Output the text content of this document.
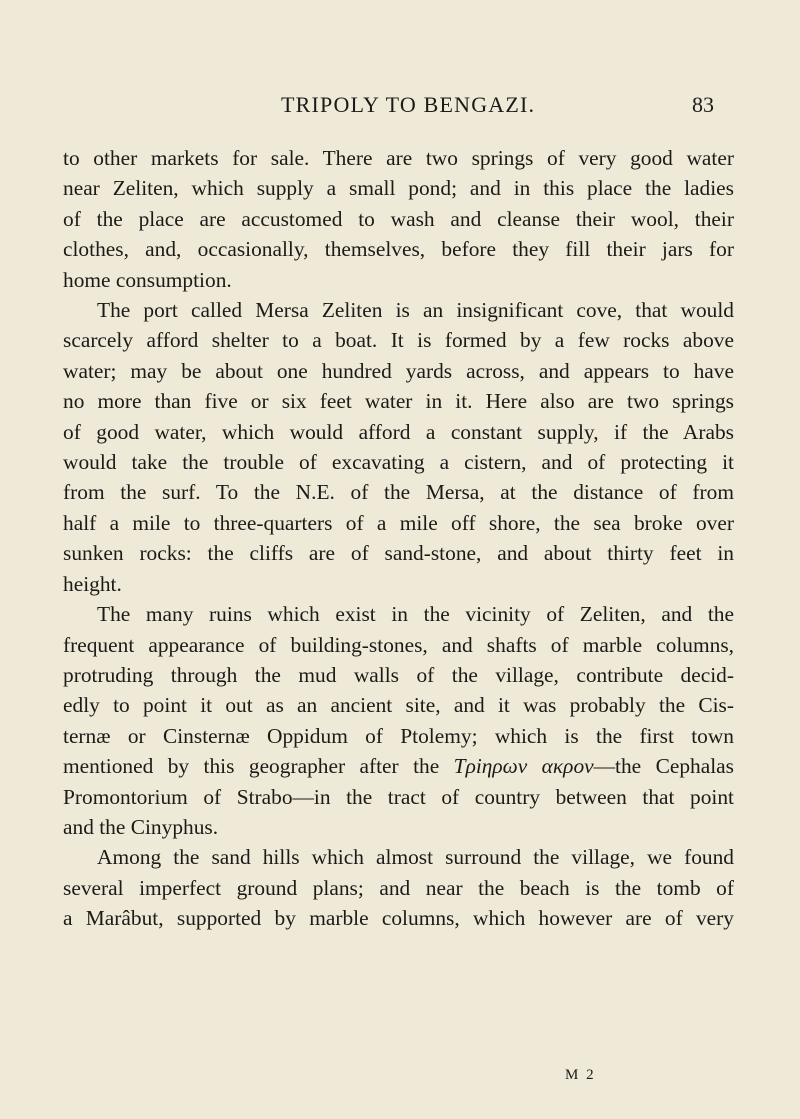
TRIPOLY TO BENGAZI.	83
to other markets for sale. There are two springs of very good water
near Zeliten, which supply a small pond; and in this place the ladies
of the place are accustomed to wash and cleanse their wool, their
clothes, and, occasionally, themselves, before they fill their jars for
home consumption.
The port called Mersa Zeliten is an insignificant cove, that would
scarcely afford shelter to a boat. It is formed by a few rocks above
water; may be about one hundred yards across, and appears to have
no more than five or six feet water in it. Here also are two springs
of good water, which would afford a constant supply, if the Arabs
would take the trouble of excavating a cistern, and of protecting it
from the surf. To the N.E. of the Mersa, at the distance of from
half a mile to three-quarters of a mile off shore, the sea broke over
sunken rocks: the cliffs are of sand-stone, and about thirty feet in
height.
The many ruins which exist in the vicinity of Zeliten, and the
frequent appearance of building-stones, and shafts of marble columns,
protruding through the mud walls of the village, contribute decid-
edly to point it out as an ancient site, and it was probably the Cis-
ternæ or Cinsternæ Oppidum of Ptolemy; which is the first town
mentioned by this geographer after the Τρiηρων ακρον—the Cephalas
Promontorium of Strabo—in the tract of country between that point
and the Cinyphus.
Among the sand hills which almost surround the village, we found
several imperfect ground plans; and near the beach is the tomb of
a Marâbut, supported by marble columns, which however are of very
M 2
